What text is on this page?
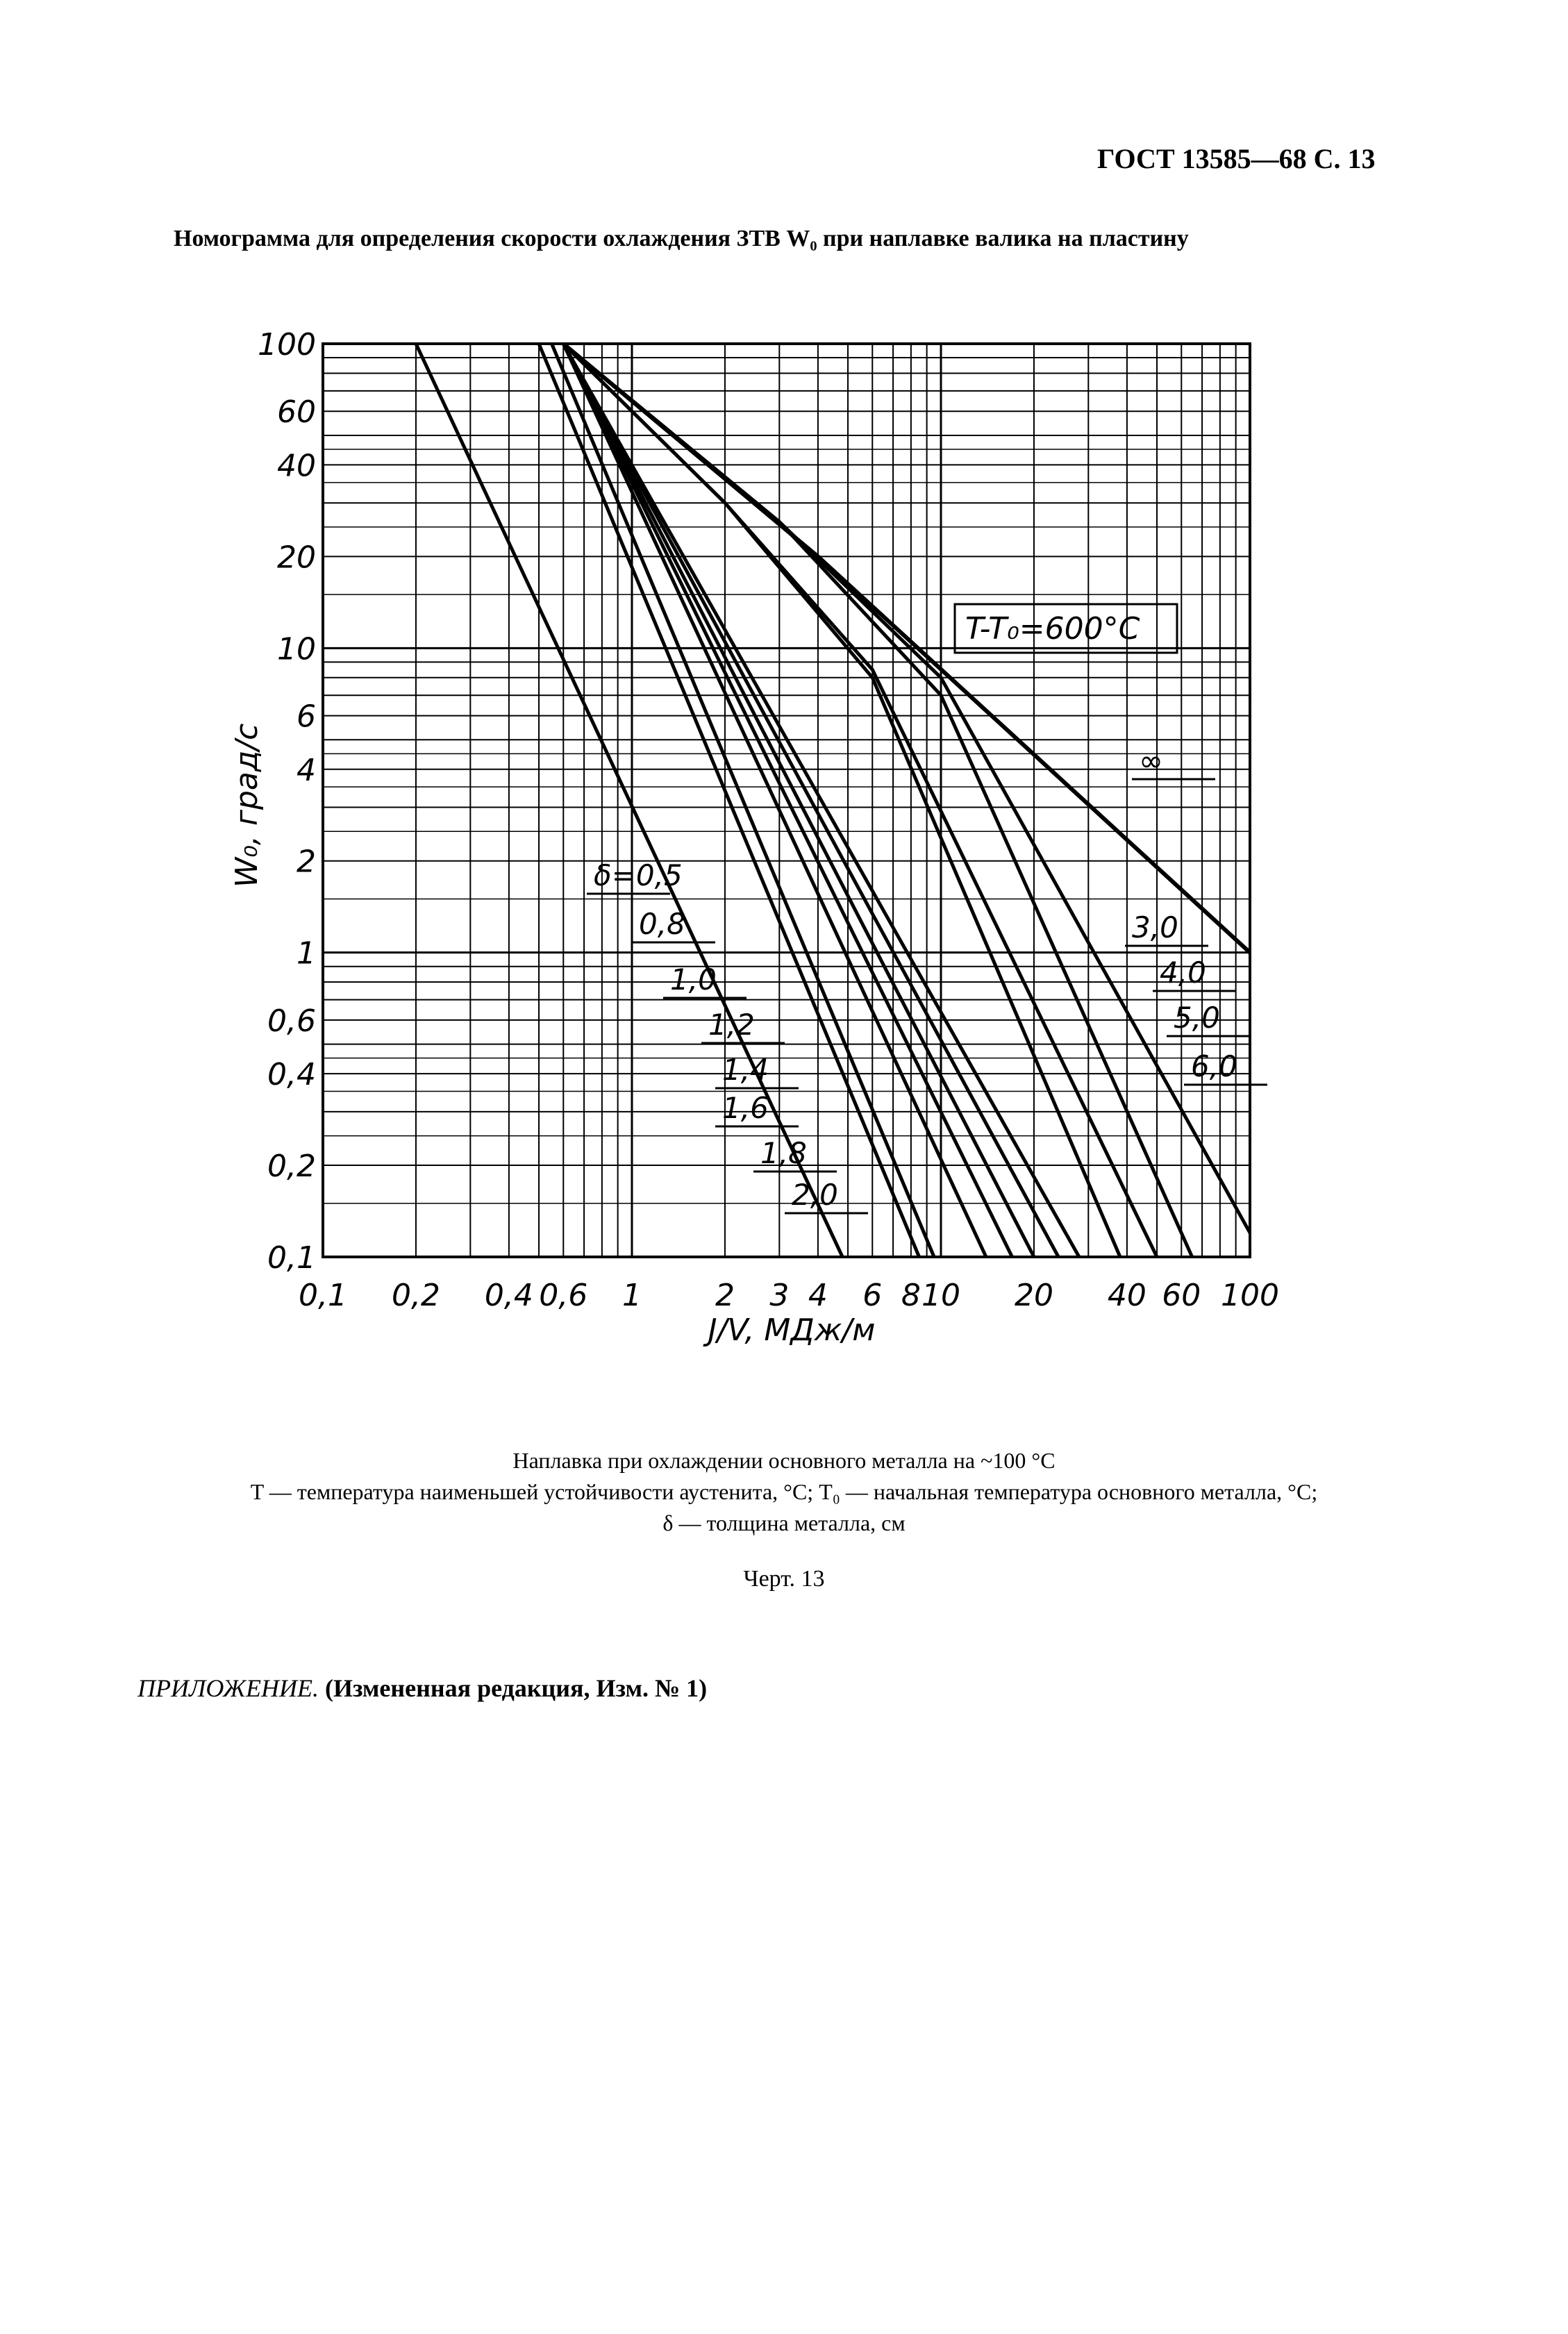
ГОСТ 13585—68 С. 13
Номограмма для определения скорости охлаждения ЗТВ W₀ при наплавке валика на пластину
∞
δ=0,5
0,8
1,0
1,2
1,4
1,6
1,8
2,0
3,0
4,0
5,0
6,0
0,1 0,2 0,4 0,6 1 2 3 4 6 8 10 20 40 60 100
100
60
40
20
10
6
4
2
1
0,6
0,4
0,2
0,1
T-T₀=600°С
J/V, МДж/м
W₀, град/с
Наплавка при охлаждении основного металла на ~100 °С
T — температура наименьшей устойчивости аустенита, °С; T₀ — начальная температура основного металла, °С;
δ — толщина металла, см
Черт. 13
ПРИЛОЖЕНИЕ. (Измененная редакция, Изм. № 1)
